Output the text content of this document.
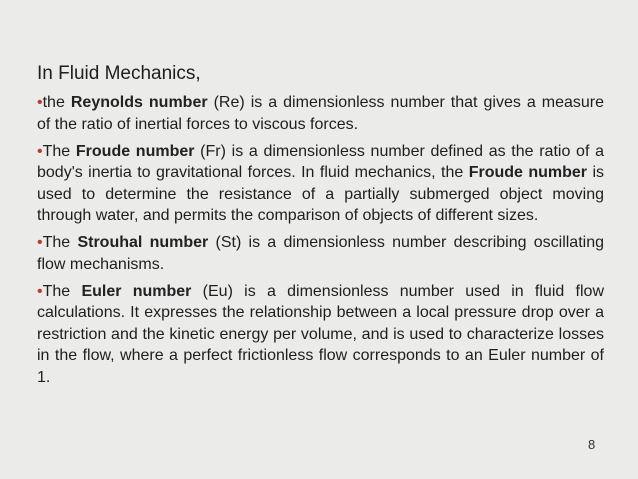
In Fluid Mechanics,

•the Reynolds number (Re) is a dimensionless number that gives a measure of the ratio of inertial forces to viscous forces.

•The Froude number (Fr) is a dimensionless number defined as the ratio of a body's inertia to gravitational forces. In fluid mechanics, the Froude number is used to determine the resistance of a partially submerged object moving through water, and permits the comparison of objects of different sizes.

•The Strouhal number (St) is a dimensionless number describing oscillating flow mechanisms.

•The Euler number (Eu) is a dimensionless number used in fluid flow calculations. It expresses the relationship between a local pressure drop over a restriction and the kinetic energy per volume, and is used to characterize losses in the flow, where a perfect frictionless flow corresponds to an Euler number of 1.

8
